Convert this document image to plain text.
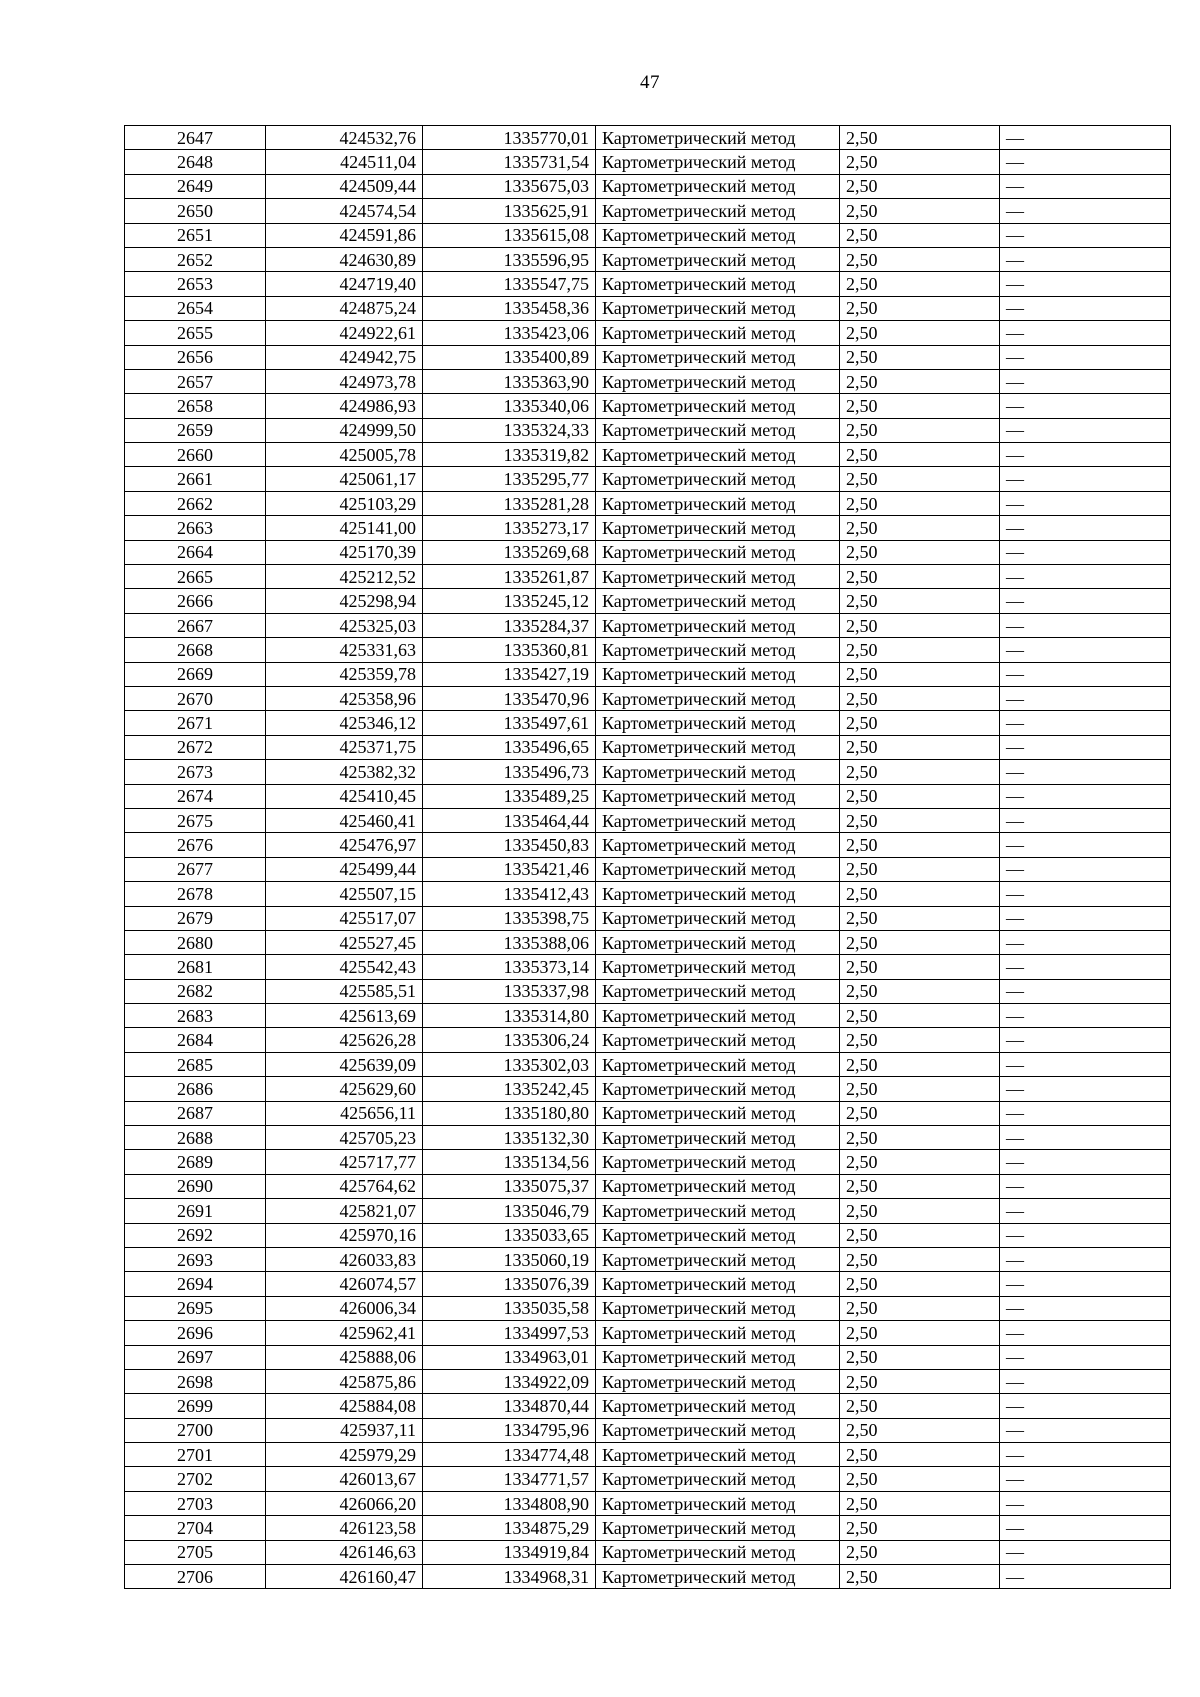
47
2647	424532,76	1335770,01	Картометрический метод	2,50	—
2648	424511,04	1335731,54	Картометрический метод	2,50	—
2649	424509,44	1335675,03	Картометрический метод	2,50	—
2650	424574,54	1335625,91	Картометрический метод	2,50	—
2651	424591,86	1335615,08	Картометрический метод	2,50	—
2652	424630,89	1335596,95	Картометрический метод	2,50	—
2653	424719,40	1335547,75	Картометрический метод	2,50	—
2654	424875,24	1335458,36	Картометрический метод	2,50	—
2655	424922,61	1335423,06	Картометрический метод	2,50	—
2656	424942,75	1335400,89	Картометрический метод	2,50	—
2657	424973,78	1335363,90	Картометрический метод	2,50	—
2658	424986,93	1335340,06	Картометрический метод	2,50	—
2659	424999,50	1335324,33	Картометрический метод	2,50	—
2660	425005,78	1335319,82	Картометрический метод	2,50	—
2661	425061,17	1335295,77	Картометрический метод	2,50	—
2662	425103,29	1335281,28	Картометрический метод	2,50	—
2663	425141,00	1335273,17	Картометрический метод	2,50	—
2664	425170,39	1335269,68	Картометрический метод	2,50	—
2665	425212,52	1335261,87	Картометрический метод	2,50	—
2666	425298,94	1335245,12	Картометрический метод	2,50	—
2667	425325,03	1335284,37	Картометрический метод	2,50	—
2668	425331,63	1335360,81	Картометрический метод	2,50	—
2669	425359,78	1335427,19	Картометрический метод	2,50	—
2670	425358,96	1335470,96	Картометрический метод	2,50	—
2671	425346,12	1335497,61	Картометрический метод	2,50	—
2672	425371,75	1335496,65	Картометрический метод	2,50	—
2673	425382,32	1335496,73	Картометрический метод	2,50	—
2674	425410,45	1335489,25	Картометрический метод	2,50	—
2675	425460,41	1335464,44	Картометрический метод	2,50	—
2676	425476,97	1335450,83	Картометрический метод	2,50	—
2677	425499,44	1335421,46	Картометрический метод	2,50	—
2678	425507,15	1335412,43	Картометрический метод	2,50	—
2679	425517,07	1335398,75	Картометрический метод	2,50	—
2680	425527,45	1335388,06	Картометрический метод	2,50	—
2681	425542,43	1335373,14	Картометрический метод	2,50	—
2682	425585,51	1335337,98	Картометрический метод	2,50	—
2683	425613,69	1335314,80	Картометрический метод	2,50	—
2684	425626,28	1335306,24	Картометрический метод	2,50	—
2685	425639,09	1335302,03	Картометрический метод	2,50	—
2686	425629,60	1335242,45	Картометрический метод	2,50	—
2687	425656,11	1335180,80	Картометрический метод	2,50	—
2688	425705,23	1335132,30	Картометрический метод	2,50	—
2689	425717,77	1335134,56	Картометрический метод	2,50	—
2690	425764,62	1335075,37	Картометрический метод	2,50	—
2691	425821,07	1335046,79	Картометрический метод	2,50	—
2692	425970,16	1335033,65	Картометрический метод	2,50	—
2693	426033,83	1335060,19	Картометрический метод	2,50	—
2694	426074,57	1335076,39	Картометрический метод	2,50	—
2695	426006,34	1335035,58	Картометрический метод	2,50	—
2696	425962,41	1334997,53	Картометрический метод	2,50	—
2697	425888,06	1334963,01	Картометрический метод	2,50	—
2698	425875,86	1334922,09	Картометрический метод	2,50	—
2699	425884,08	1334870,44	Картометрический метод	2,50	—
2700	425937,11	1334795,96	Картометрический метод	2,50	—
2701	425979,29	1334774,48	Картометрический метод	2,50	—
2702	426013,67	1334771,57	Картометрический метод	2,50	—
2703	426066,20	1334808,90	Картометрический метод	2,50	—
2704	426123,58	1334875,29	Картометрический метод	2,50	—
2705	426146,63	1334919,84	Картометрический метод	2,50	—
2706	426160,47	1334968,31	Картометрический метод	2,50	—
